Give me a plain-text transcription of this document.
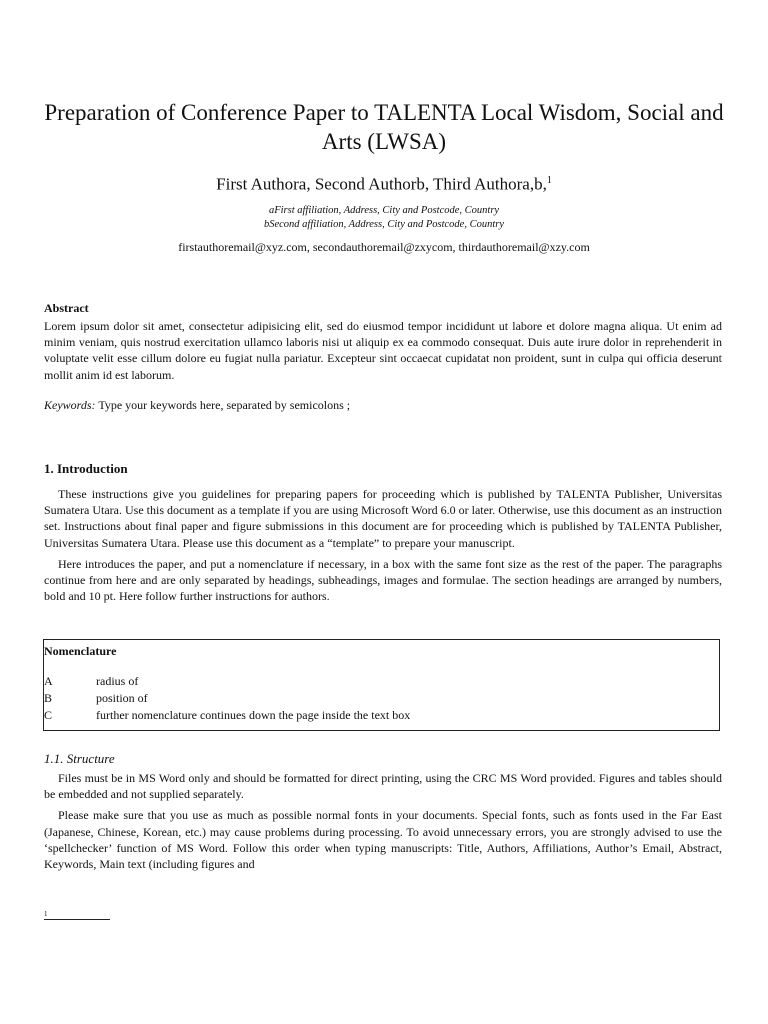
Preparation of Conference Paper to TALENTA Local Wisdom, Social and Arts (LWSA)
First Authora, Second Authorb, Third Authora,b,$^1$
aFirst affiliation, Address, City and Postcode, Country
bSecond affiliation, Address, City and Postcode, Country
firstauthoremail@xyz.com, secondauthoremail@zxycom, thirdauthoremail@xzy.com
Abstract
Lorem ipsum dolor sit amet, consectetur adipisicing elit, sed do eiusmod tempor incididunt ut labore et dolore magna aliqua. Ut enim ad minim veniam, quis nostrud exercitation ullamco laboris nisi ut aliquip ex ea commodo consequat. Duis aute irure dolor in reprehenderit in voluptate velit esse cillum dolore eu fugiat nulla pariatur. Excepteur sint occaecat cupidatat non proident, sunt in culpa qui officia deserunt mollit anim id est laborum.
Keywords: Type your keywords here, separated by semicolons ;
1. Introduction

These instructions give you guidelines for preparing papers for proceeding which is published by TALENTA Publisher, Universitas Sumatera Utara. Use this document as a template if you are using Microsoft Word 6.0 or later. Otherwise, use this document as an instruction set. Instructions about final paper and figure submissions in this document are for proceeding which is published by TALENTA Publisher, Universitas Sumatera Utara. Please use this document as a “template” to prepare your manuscript.

Here introduces the paper, and put a nomenclature if necessary, in a box with the same font size as the rest of the paper. The paragraphs continue from here and are only separated by headings, subheadings, images and formulae. The section headings are arranged by numbers, bold and 10 pt. Here follow further instructions for authors.

Nomenclature
A	radius of
B	position of
C	further nomenclature continues down the page inside the text box
1.1. Structure

Files must be in MS Word only and should be formatted for direct printing, using the CRC MS Word provided. Figures and tables should be embedded and not supplied separately.

Please make sure that you use as much as possible normal fonts in your documents. Special fonts, such as fonts used in the Far East (Japanese, Chinese, Korean, etc.) may cause problems during processing. To avoid unnecessary errors, you are strongly advised to use the ‘spellchecker’ function of MS Word. Follow this order when typing manuscripts: Title, Authors, Affiliations, Author’s Email, Abstract, Keywords, Main text (including figures and

1
